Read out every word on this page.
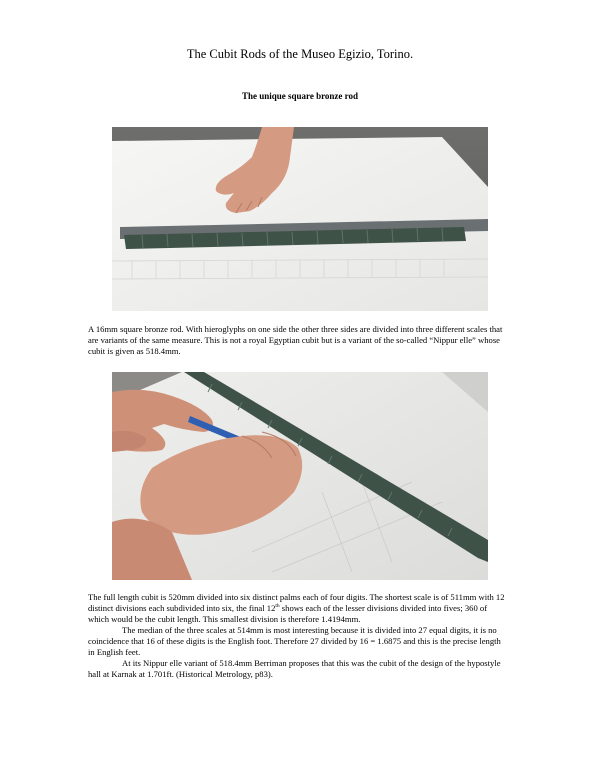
The Cubit Rods of the Museo Egizio, Torino.
The unique square bronze rod

A 16mm square bronze rod. With hieroglyphs on one side the other three sides are divided into three different scales that are variants of the same measure. This is not a royal Egyptian cubit but is a variant of the so-called “Nippur elle” whose cubit is given as 518.4mm.

The full length cubit is 520mm divided into six distinct palms each of four digits. The shortest scale is of 511mm with 12 distinct divisions each subdivided into six, the final 12th shows each of the lesser divisions divided into fives; 360 of which would be the cubit length. This smallest division is therefore 1.4194mm.

The median of the three scales at 514mm is most interesting because it is divided into 27 equal digits, it is no coincidence that 16 of these digits is the English foot. Therefore 27 divided by 16 = 1.6875 and this is the precise length in English feet.

At its Nippur elle variant of 518.4mm Berriman proposes that this was the cubit of the design of the hypostyle hall at Karnak at 1.701ft. (Historical Metrology, p83).
